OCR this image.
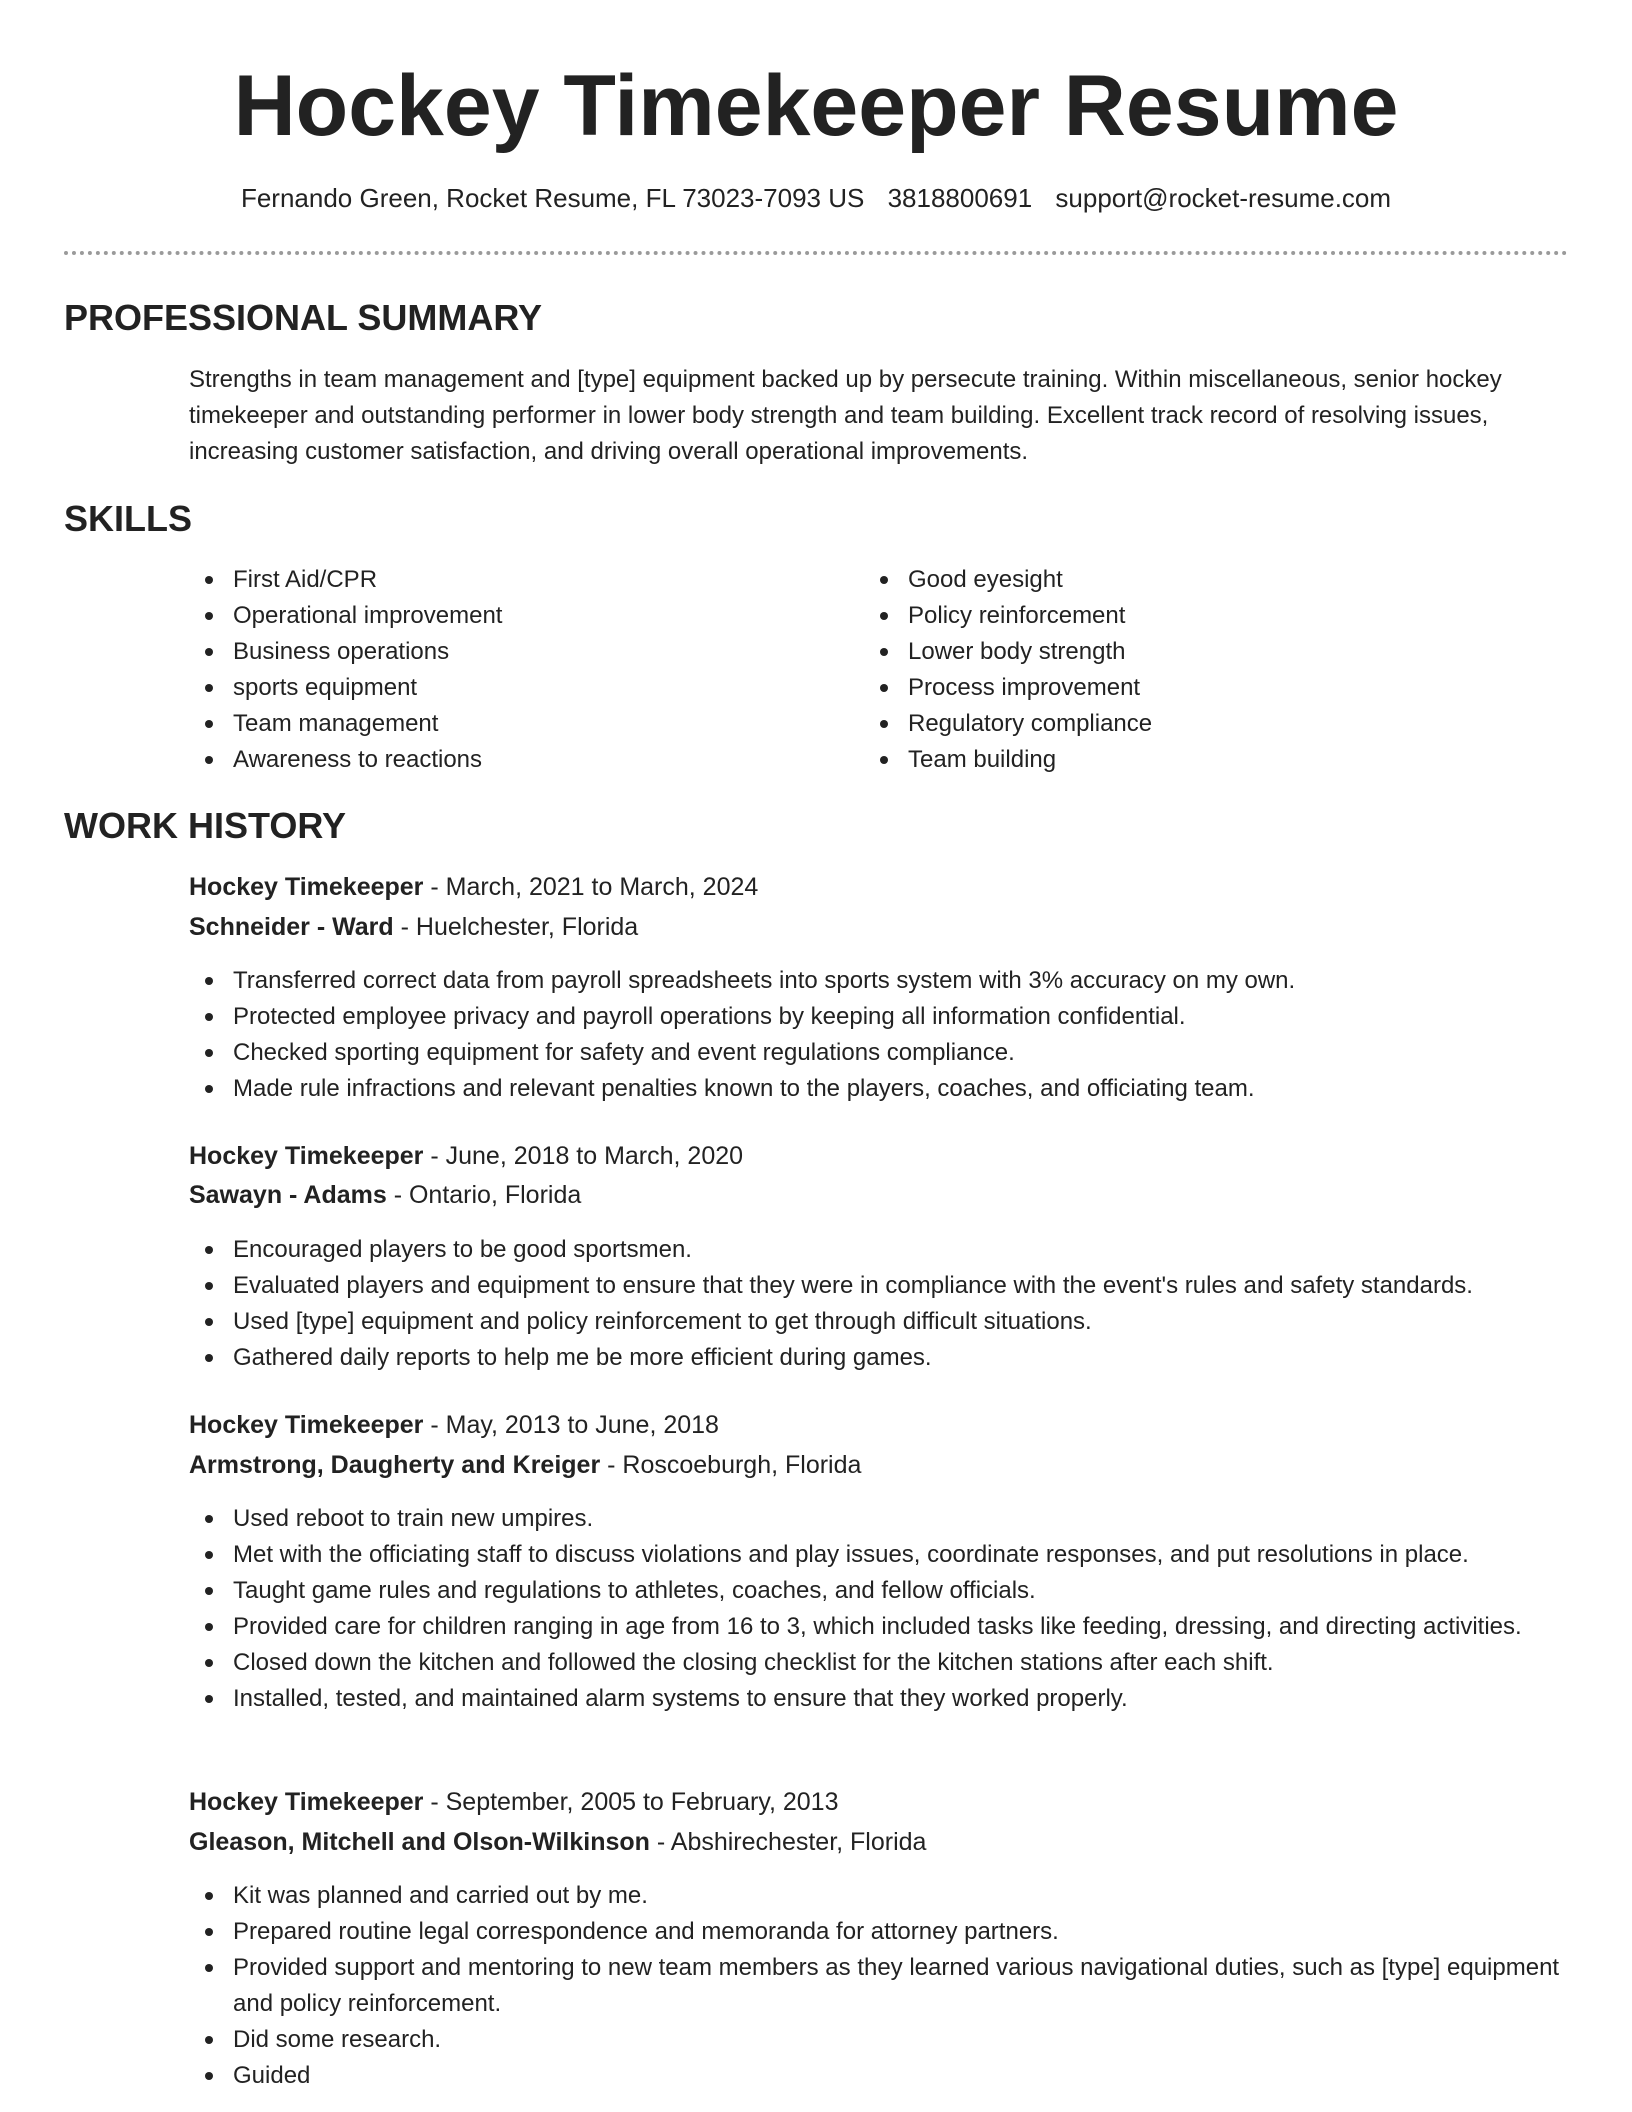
Hockey Timekeeper Resume
Fernando Green, Rocket Resume, FL 73023-7093 US 3818800691 support@rocket-resume.com
PROFESSIONAL SUMMARY
Strengths in team management and [type] equipment backed up by persecute training. Within miscellaneous, senior hockey
timekeeper and outstanding performer in lower body strength and team building. Excellent track record of resolving issues,
increasing customer satisfaction, and driving overall operational improvements.
SKILLS
First Aid/CPR
Operational improvement
Business operations
sports equipment
Team management
Awareness to reactions
Good eyesight
Policy reinforcement
Lower body strength
Process improvement
Regulatory compliance
Team building
WORK HISTORY
Hockey Timekeeper - March, 2021 to March, 2024
Schneider - Ward - Huelchester, Florida
Transferred correct data from payroll spreadsheets into sports system with 3% accuracy on my own.
Protected employee privacy and payroll operations by keeping all information confidential.
Checked sporting equipment for safety and event regulations compliance.
Made rule infractions and relevant penalties known to the players, coaches, and officiating team.
Hockey Timekeeper - June, 2018 to March, 2020
Sawayn - Adams - Ontario, Florida
Encouraged players to be good sportsmen.
Evaluated players and equipment to ensure that they were in compliance with the event's rules and safety standards.
Used [type] equipment and policy reinforcement to get through difficult situations.
Gathered daily reports to help me be more efficient during games.
Hockey Timekeeper - May, 2013 to June, 2018
Armstrong, Daugherty and Kreiger - Roscoeburgh, Florida
Used reboot to train new umpires.
Met with the officiating staff to discuss violations and play issues, coordinate responses, and put resolutions in place.
Taught game rules and regulations to athletes, coaches, and fellow officials.
Provided care for children ranging in age from 16 to 3, which included tasks like feeding, dressing, and directing activities.
Closed down the kitchen and followed the closing checklist for the kitchen stations after each shift.
Installed, tested, and maintained alarm systems to ensure that they worked properly.
Hockey Timekeeper - September, 2005 to February, 2013
Gleason, Mitchell and Olson-Wilkinson - Abshirechester, Florida
Kit was planned and carried out by me.
Prepared routine legal correspondence and memoranda for attorney partners.
Provided support and mentoring to new team members as they learned various navigational duties, such as [type] equipment and policy reinforcement.
Did some research.
Guided
